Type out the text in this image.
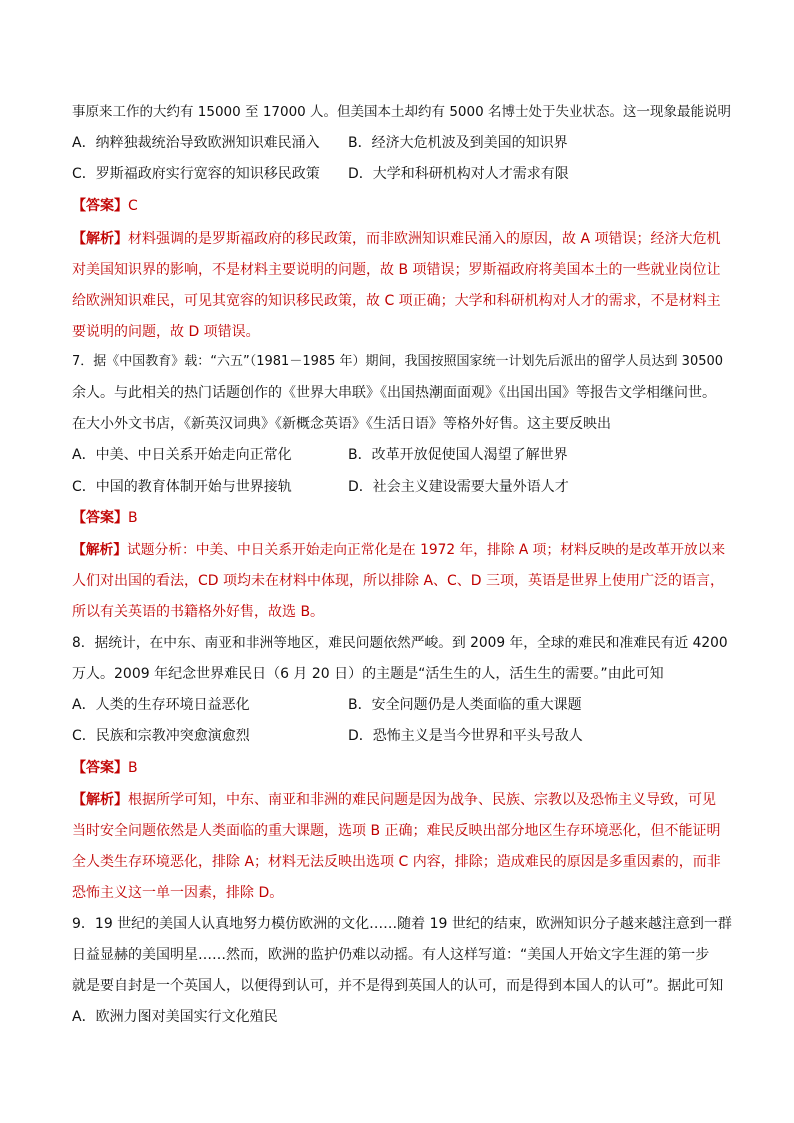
事原来工作的大约有 15000 至 17000 人。但美国本土却约有 5000 名博士处于失业状态。这一现象最能说明
A．纳粹独裁统治导致欧洲知识难民涌入 B．经济大危机波及到美国的知识界
C．罗斯福政府实行宽容的知识移民政策 D．大学和科研机构对人才需求有限
【答案】C
【解析】材料强调的是罗斯福政府的移民政策，而非欧洲知识难民涌入的原因，故 A 项错误；经济大危机
对美国知识界的影响，不是材料主要说明的问题，故 B 项错误；罗斯福政府将美国本土的一些就业岗位让
给欧洲知识难民，可见其宽容的知识移民政策，故 C 项正确；大学和科研机构对人才的需求，不是材料主
要说明的问题，故 D 项错误。
7．据《中国教育》载：“六五”（1981－1985 年）期间，我国按照国家统一计划先后派出的留学人员达到 30500
余人。与此相关的热门话题创作的《世界大串联》《出国热潮面面观》《出国出国》等报告文学相继问世。
在大小外文书店，《新英汉词典》《新概念英语》《生活日语》等格外好售。这主要反映出
A．中美、中日关系开始走向正常化	B．改革开放促使国人渴望了解世界
C．中国的教育体制开始与世界接轨	D．社会主义建设需要大量外语人才
【答案】B
【解析】试题分析：中美、中日关系开始走向正常化是在 1972 年，排除 A 项；材料反映的是改革开放以来
人们对出国的看法，CD 项均未在材料中体现，所以排除 A、C、D 三项，英语是世界上使用广泛的语言，
所以有关英语的书籍格外好售，故选 B。
8．据统计，在中东、南亚和非洲等地区，难民问题依然严峻。到 2009 年，全球的难民和准难民有近 4200
万人。2009 年纪念世界难民日（6 月 20 日）的主题是“活生生的人，活生生的需要。”由此可知
A．人类的生存环境日益恶化	B．安全问题仍是人类面临的重大课题
C．民族和宗教冲突愈演愈烈	D．恐怖主义是当今世界和平头号敌人
【答案】B
【解析】根据所学可知，中东、南亚和非洲的难民问题是因为战争、民族、宗教以及恐怖主义导致，可见
当时安全问题依然是人类面临的重大课题，选项 B 正确；难民反映出部分地区生存环境恶化，但不能证明
全人类生存环境恶化，排除 A；材料无法反映出选项 C 内容，排除；造成难民的原因是多重因素的，而非
恐怖主义这一单一因素，排除 D。
9．19 世纪的美国人认真地努力模仿欧洲的文化……随着 19 世纪的结束，欧洲知识分子越来越注意到一群
日益显赫的美国明星……然而，欧洲的监护仍难以动摇。有人这样写道：“美国人开始文字生涯的第一步
就是要自封是一个英国人，以便得到认可，并不是得到英国人的认可，而是得到本国人的认可”。据此可知
A．欧洲力图对美国实行文化殖民
